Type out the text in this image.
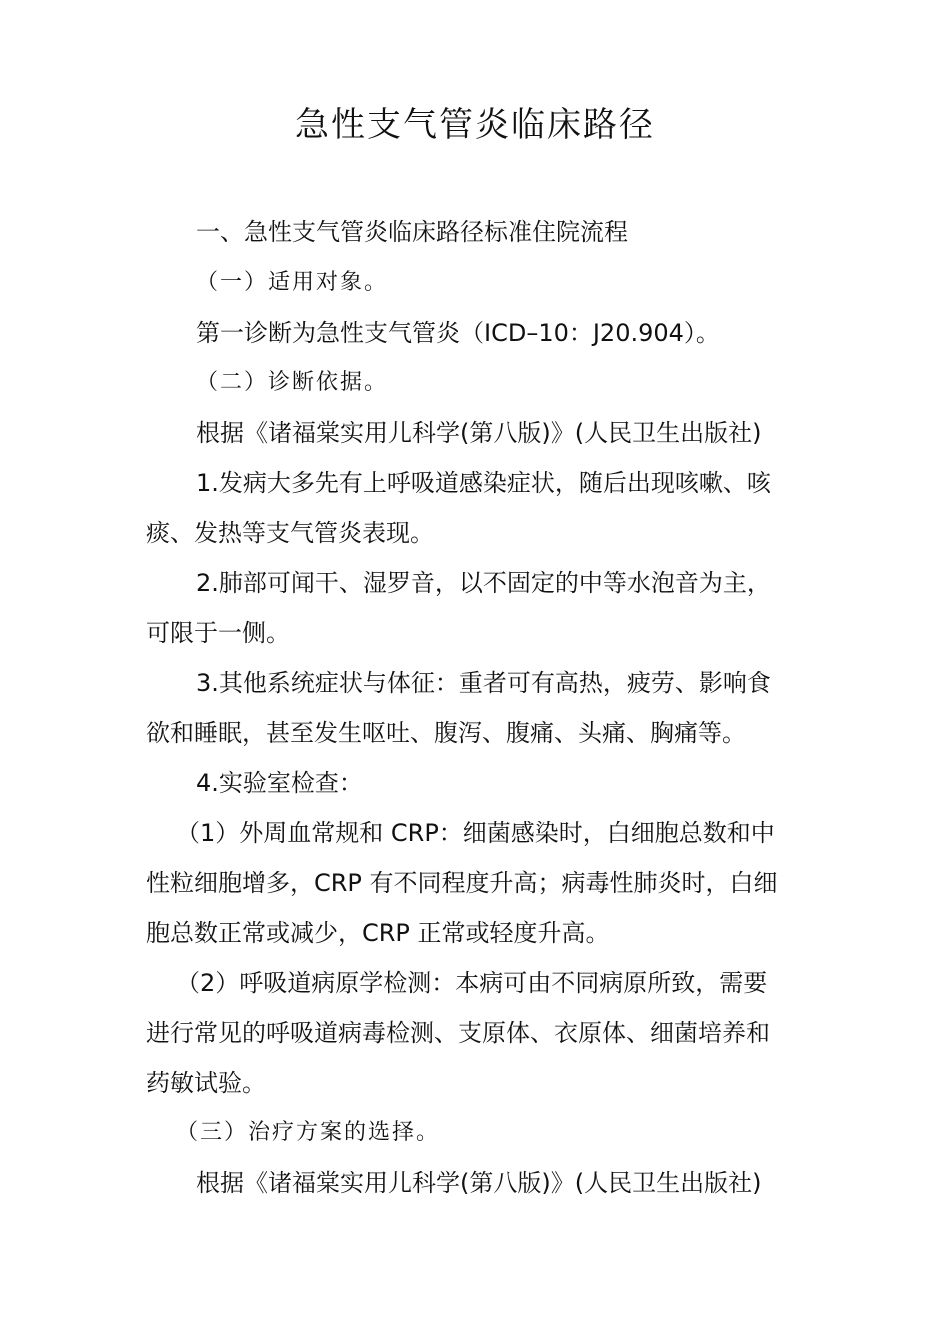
急性支气管炎临床路径
一、急性支气管炎临床路径标准住院流程
（一）适用对象。
第一诊断为急性支气管炎（ICD–10：J20.904）。
（二）诊断依据。
根据《诸福棠实用儿科学(第八版)》(人民卫生出版社)
1.发病大多先有上呼吸道感染症状，随后出现咳嗽、咳
痰、发热等支气管炎表现。
2.肺部可闻干、湿罗音，以不固定的中等水泡音为主，
可限于一侧。
3.其他系统症状与体征：重者可有高热，疲劳、影响食
欲和睡眠，甚至发生呕吐、腹泻、腹痛、头痛、胸痛等。
4.实验室检查：
（1）外周血常规和 CRP：细菌感染时，白细胞总数和中
性粒细胞增多，CRP 有不同程度升高；病毒性肺炎时，白细
胞总数正常或减少，CRP 正常或轻度升高。
（2）呼吸道病原学检测：本病可由不同病原所致，需要
进行常见的呼吸道病毒检测、支原体、衣原体、细菌培养和
药敏试验。
（三）治疗方案的选择。
根据《诸福棠实用儿科学(第八版)》(人民卫生出版社)
